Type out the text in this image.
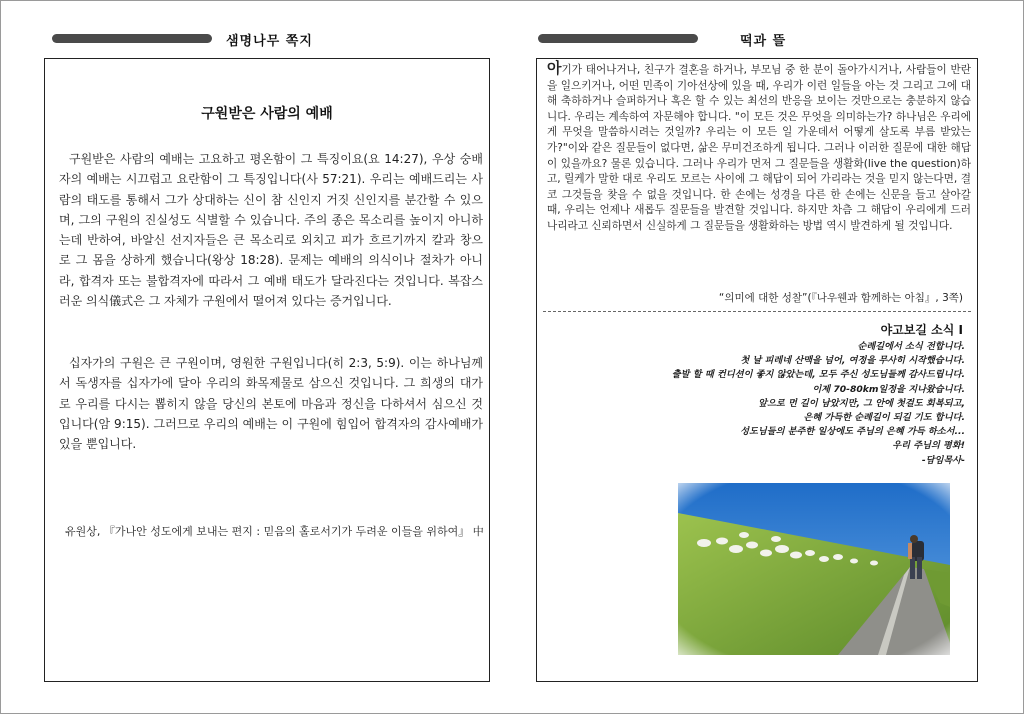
샘명나무 쪽지	떡과 뜰
구원받은 사람의 예배

구원받은 사람의 예배는 고요하고 평온함이 그 특징이요(요 14:27), 우상 숭배자의 예배는 시끄럽고 요란함이 그 특징입니다(사 57:21). 우리는 예배드리는 사람의 태도를 통해서 그가 상대하는 신이 참 신인지 거짓 신인지를 분간할 수 있으며, 그의 구원의 진실성도 식별할 수 있습니다. 주의 종은 목소리를 높이지 아니하는데 반하여, 바알신 선지자들은 큰 목소리로 외치고 피가 흐르기까지 칼과 창으로 그 몸을 상하게 했습니다(왕상 18:28). 문제는 예배의 의식이나 절차가 아니라, 합격자 또는 불합격자에 따라서 그 예배 태도가 달라진다는 것입니다. 복잡스러운 의식儀式은 그 자체가 구원에서 떨어져 있다는 증거입니다.

십자가의 구원은 큰 구원이며, 영원한 구원입니다(히 2:3, 5:9). 이는 하나님께서 독생자를 십자가에 달아 우리의 화목제물로 삼으신 것입니다. 그 희생의 대가로 우리를 다시는 뽑히지 않을 당신의 본토에 마음과 정신을 다하셔서 심으신 것입니다(암 9:15). 그러므로 우리의 예배는 이 구원에 힘입어 합격자의 감사예배가 있을 뿐입니다.

유원상, 『가나안 성도에게 보내는 편지 : 믿음의 홀로서기가 두려운 이들을 위하여』 中

아기가 태어나거나, 친구가 결혼을 하거나, 부모님 중 한 분이 돌아가시거나, 사람들이 반란을 일으키거나, 어떤 민족이 기아선상에 있을 때, 우리가 이런 일들을 아는 것 그리고 그에 대해 축하하거나 슬퍼하거나 혹은 할 수 있는 최선의 반응을 보이는 것만으로는 충분하지 않습니다. 우리는 계속하여 자문해야 합니다. "이 모든 것은 무엇을 의미하는가? 하나님은 우리에게 무엇을 말씀하시려는 것일까? 우리는 이 모든 일 가운데서 어떻게 살도록 부름 받았는가?"이와 같은 질문들이 없다면, 삶은 무미건조하게 됩니다. 그러나 이러한 질문에 대한 해답이 있을까요? 물론 있습니다. 그러나 우리가 먼저 그 질문들을 생활화(live the question)하고, 릴케가 말한 대로 우리도 모르는 사이에 그 해답이 되어 가리라는 것을 믿지 않는다면, 결코 그것들을 찾을 수 없을 것입니다. 한 손에는 성경을 다른 한 손에는 신문을 들고 살아갈 때, 우리는 언제나 새롭두 질문들을 발견할 것입니다. 하지만 차츰 그 해답이 우리에게 드러나리라고 신뢰하면서 신실하게 그 질문들을 생활화하는 방법 역시 발견하게 될 것입니다.

“의미에 대한 성찰”(『나우웬과 함께하는 아침』, 3쪽)
야고보길 소식 I
순례길에서 소식 전합니다.
첫 날 피레네 산맥을 넘어, 여정을 무사히 시작했습니다.
출발 할 때 컨디션이 좋지 않았는데, 모두 주신 성도님들께 감사드립니다.
이제 70-80km일정을 지나왔습니다.
앞으로 먼 길이 남았지만, 그 안에 첫걸도 회복되고,
은혜 가득한 순례길이 되길 기도 합니다.
성도님들의 분주한 일상에도 주님의 은혜 가득 하소서...
우리 주님의 평화!
-담임목사-
